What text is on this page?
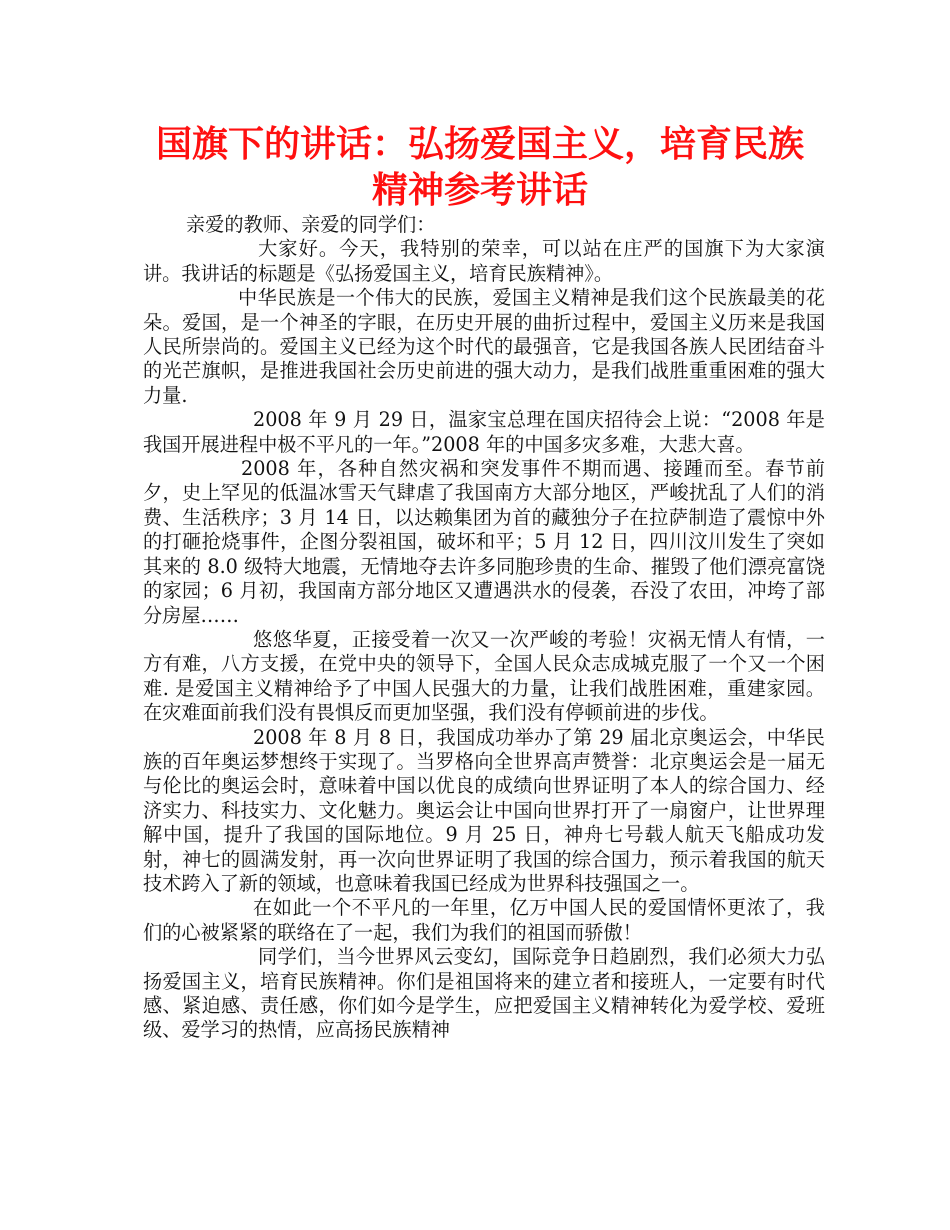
国旗下的讲话：弘扬爱国主义，培育民族精神参考讲话

亲爱的教师、亲爱的同学们：

大家好。今天，我特别的荣幸，可以站在庄严的国旗下为大家演讲。我讲话的标题是《弘扬爱国主义，培育民族精神》。

中华民族是一个伟大的民族，爱国主义精神是我们这个民族最美的花朵。爱国，是一个神圣的字眼，在历史开展的曲折过程中，爱国主义历来是我国人民所崇尚的。爱国主义已经为这个时代的最强音，它是我国各族人民团结奋斗的光芒旗帜，是推进我国社会历史前进的强大动力，是我们战胜重重困难的强大力量.

2008 年 9 月 29 日，温家宝总理在国庆招待会上说：“2008 年是我国开展进程中极不平凡的一年。”2008 年的中国多灾多难，大悲大喜。

2008 年，各种自然灾祸和突发事件不期而遇、接踵而至。春节前夕，史上罕见的低温冰雪天气肆虐了我国南方大部分地区，严峻扰乱了人们的消费、生活秩序；3 月 14 日，以达赖集团为首的藏独分子在拉萨制造了震惊中外的打砸抢烧事件，企图分裂祖国，破坏和平；5 月 12 日，四川汶川发生了突如其来的 8.0 级特大地震，无情地夺去许多同胞珍贵的生命、摧毁了他们漂亮富饶的家园；6 月初，我国南方部分地区又遭遇洪水的侵袭，吞没了农田，冲垮了部分房屋……

悠悠华夏，正接受着一次又一次严峻的考验！灾祸无情人有情，一方有难，八方支援，在党中央的领导下，全国人民众志成城克服了一个又一个困难. 是爱国主义精神给予了中国人民强大的力量，让我们战胜困难，重建家园。在灾难面前我们没有畏惧反而更加坚强，我们没有停顿前进的步伐。

2008 年 8 月 8 日，我国成功举办了第 29 届北京奥运会，中华民族的百年奥运梦想终于实现了。当罗格向全世界高声赞誉：北京奥运会是一届无与伦比的奥运会时，意味着中国以优良的成绩向世界证明了本人的综合国力、经济实力、科技实力、文化魅力。奥运会让中国向世界打开了一扇窗户，让世界理解中国，提升了我国的国际地位。9 月 25 日，神舟七号载人航天飞船成功发射，神七的圆满发射，再一次向世界证明了我国的综合国力，预示着我国的航天技术跨入了新的领域，也意味着我国已经成为世界科技强国之一。

在如此一个不平凡的一年里，亿万中国人民的爱国情怀更浓了，我们的心被紧紧的联络在了一起，我们为我们的祖国而骄傲！

同学们，当今世界风云变幻，国际竞争日趋剧烈，我们必须大力弘扬爱国主义，培育民族精神。你们是祖国将来的建立者和接班人，一定要有时代感、紧迫感、责任感，你们如今是学生，应把爱国主义精神转化为爱学校、爱班级、爱学习的热情，应高扬民族精神
